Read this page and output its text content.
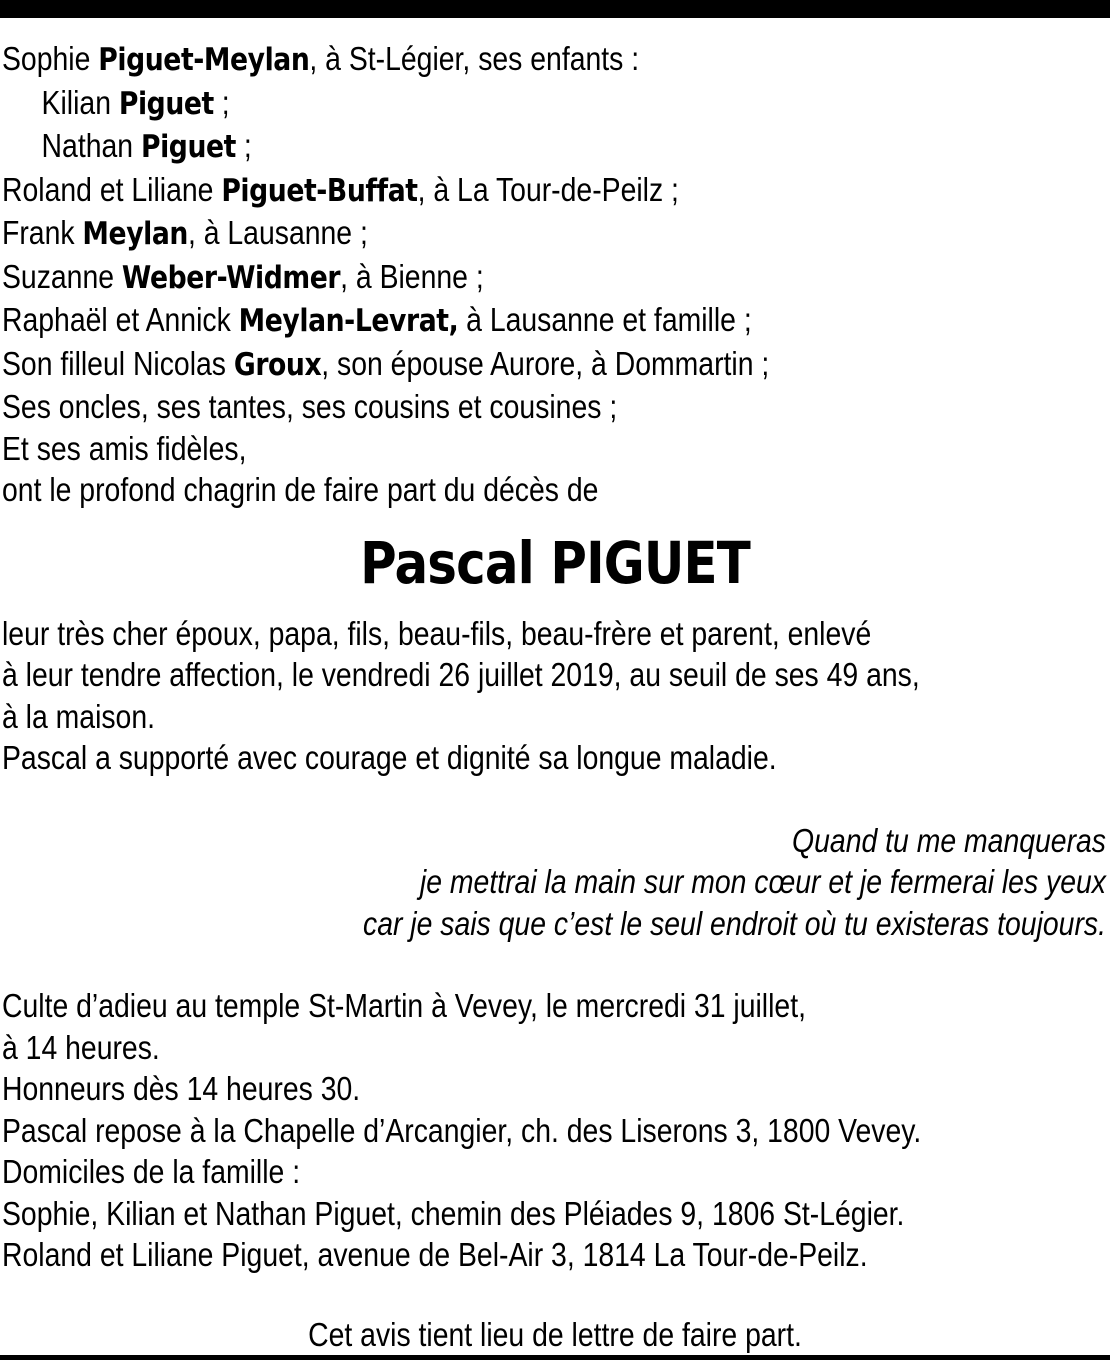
Sophie Piguet-Meylan, à St-Légier, ses enfants :
Kilian Piguet ;
Nathan Piguet ;
Roland et Liliane Piguet-Buffat, à La Tour-de-Peilz ;
Frank Meylan, à Lausanne ;
Suzanne Weber-Widmer, à Bienne ;
Raphaël et Annick Meylan-Levrat, à Lausanne et famille ;
Son filleul Nicolas Groux, son épouse Aurore, à Dommartin ;
Ses oncles, ses tantes, ses cousins et cousines ;
Et ses amis fidèles,
ont le profond chagrin de faire part du décès de
Pascal PIGUET
leur très cher époux, papa, fils, beau-fils, beau-frère et parent, enlevé
à leur tendre affection, le vendredi 26 juillet 2019, au seuil de ses 49 ans,
à la maison.
Pascal a supporté avec courage et dignité sa longue maladie.
Quand tu me manqueras
je mettrai la main sur mon cœur et je fermerai les yeux
car je sais que c’est le seul endroit où tu existeras toujours.
Culte d’adieu au temple St-Martin à Vevey, le mercredi 31 juillet,
à 14 heures.
Honneurs dès 14 heures 30.
Pascal repose à la Chapelle d’Arcangier, ch. des Liserons 3, 1800 Vevey.
Domiciles de la famille :
Sophie, Kilian et Nathan Piguet, chemin des Pléiades 9, 1806 St-Légier.
Roland et Liliane Piguet, avenue de Bel-Air 3, 1814 La Tour-de-Peilz.
Cet avis tient lieu de lettre de faire part.
